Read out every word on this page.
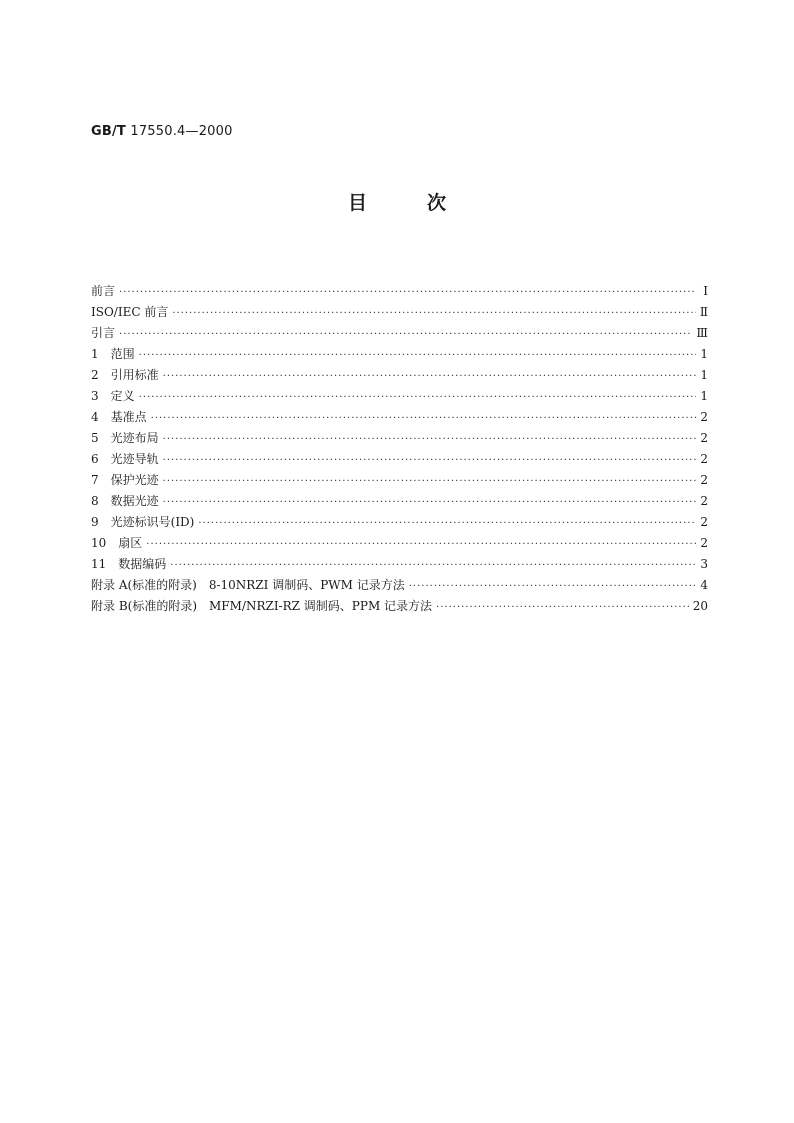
GB/T 17550.4—2000
目次
前言 ·····	Ⅰ
ISO/IEC 前言 ·····	Ⅱ
引言 ·····	Ⅲ
1　范围 ·····	1
2　引用标准 ·····	1
3　定义 ·····	1
4　基准点 ·····	2
5　光迹布局 ·····	2
6　光迹导轨 ·····	2
7　保护光迹 ·····	2
8　数据光迹 ·····	2
9　光迹标识号(ID) ·····	2
10　扇区 ·····	2
11　数据编码 ·····	3
附录 A(标准的附录)　8-10NRZI 调制码、PWM 记录方法 ·····	4
附录 B(标准的附录)　MFM/NRZI-RZ 调制码、PPM 记录方法 ·····	20
